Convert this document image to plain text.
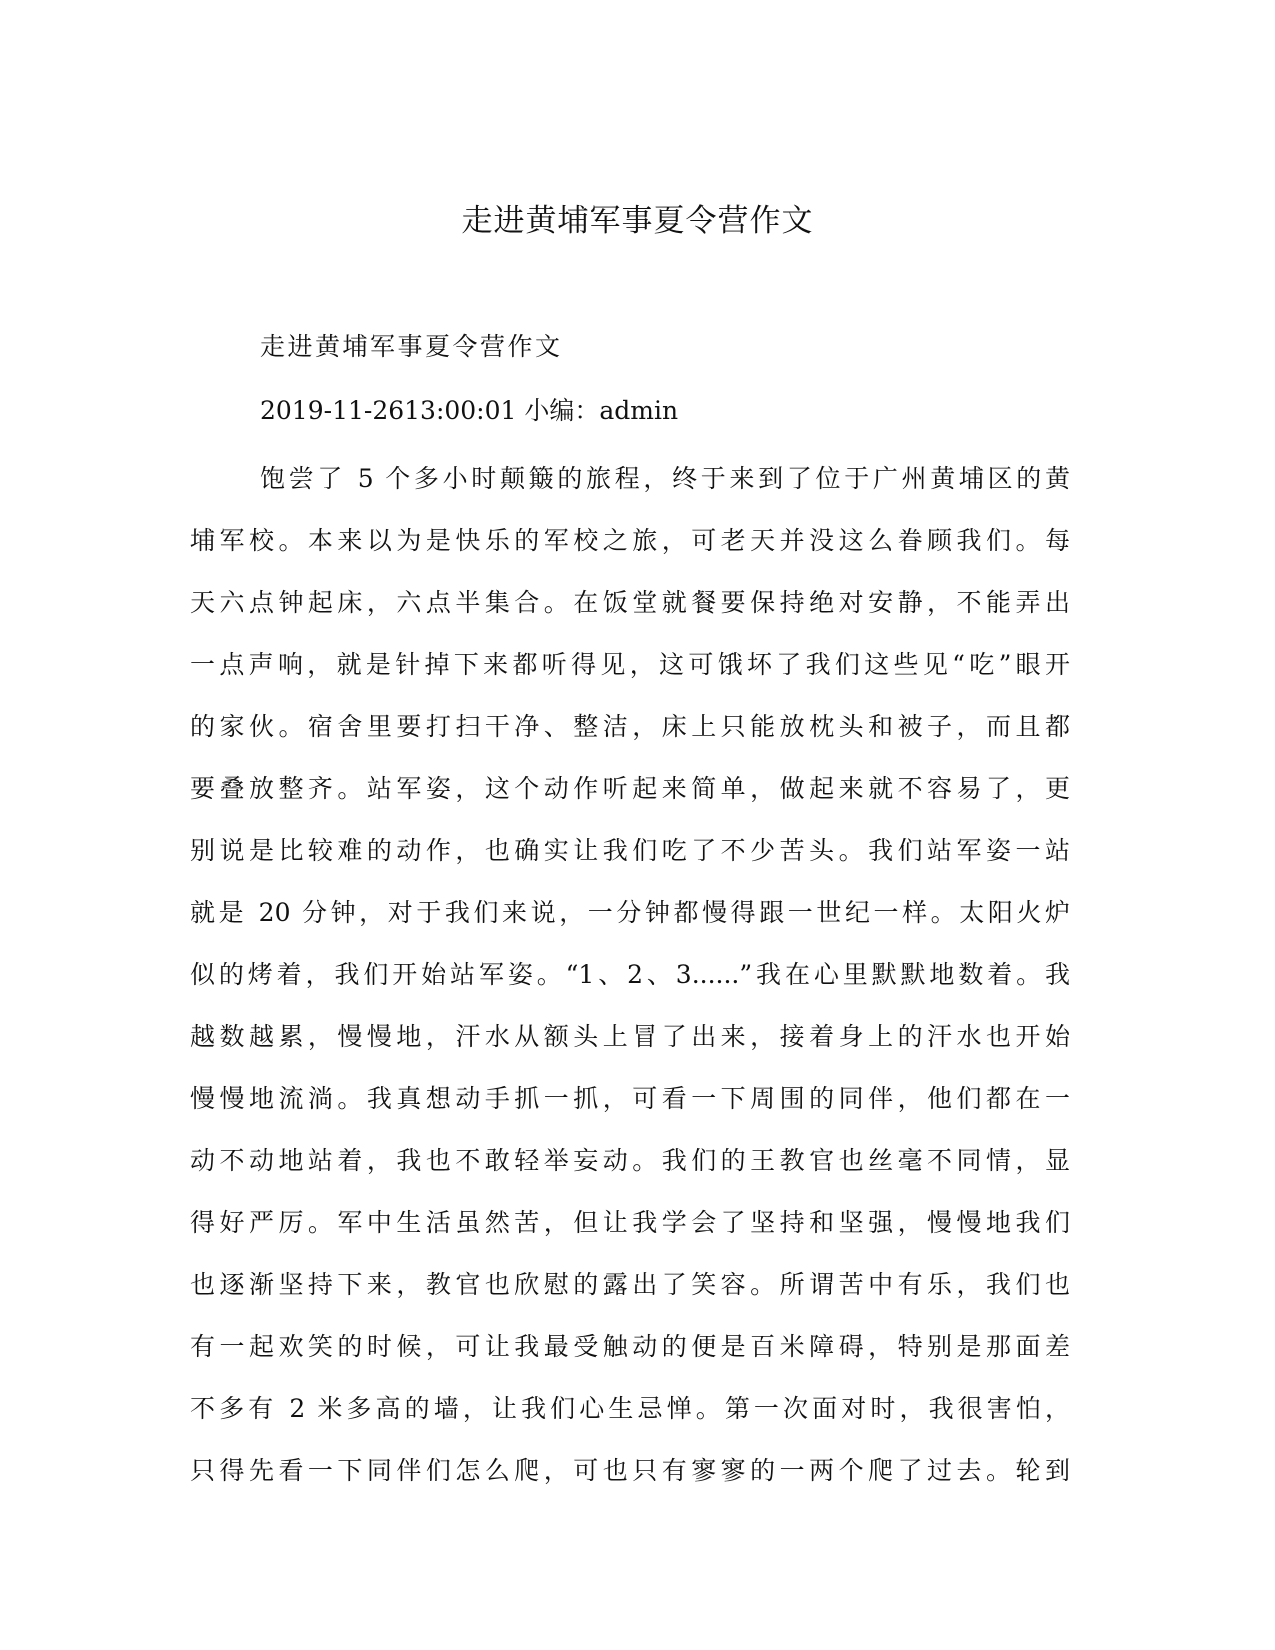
走进黄埔军事夏令营作文
走进黄埔军事夏令营作文
2019-11-2613:00:01 小编：admin
饱尝了 5 个多小时颠簸的旅程，终于来到了位于广州黄埔区的黄
埔军校。本来以为是快乐的军校之旅，可老天并没这么眷顾我们。每
天六点钟起床，六点半集合。在饭堂就餐要保持绝对安静，不能弄出
一点声响，就是针掉下来都听得见，这可饿坏了我们这些见“吃”眼开
的家伙。宿舍里要打扫干净、整洁，床上只能放枕头和被子，而且都
要叠放整齐。站军姿，这个动作听起来简单，做起来就不容易了，更
别说是比较难的动作，也确实让我们吃了不少苦头。我们站军姿一站
就是 20 分钟，对于我们来说，一分钟都慢得跟一世纪一样。太阳火炉
似的烤着，我们开始站军姿。“1、2、3......”我在心里默默地数着。我
越数越累，慢慢地，汗水从额头上冒了出来，接着身上的汗水也开始
慢慢地流淌。我真想动手抓一抓，可看一下周围的同伴，他们都在一
动不动地站着，我也不敢轻举妄动。我们的王教官也丝毫不同情，显
得好严厉。军中生活虽然苦，但让我学会了坚持和坚强，慢慢地我们
也逐渐坚持下来，教官也欣慰的露出了笑容。所谓苦中有乐，我们也
有一起欢笑的时候，可让我最受触动的便是百米障碍，特别是那面差
不多有 2 米多高的墙，让我们心生忌惮。第一次面对时，我很害怕，
只得先看一下同伴们怎么爬，可也只有寥寥的一两个爬了过去。轮到
